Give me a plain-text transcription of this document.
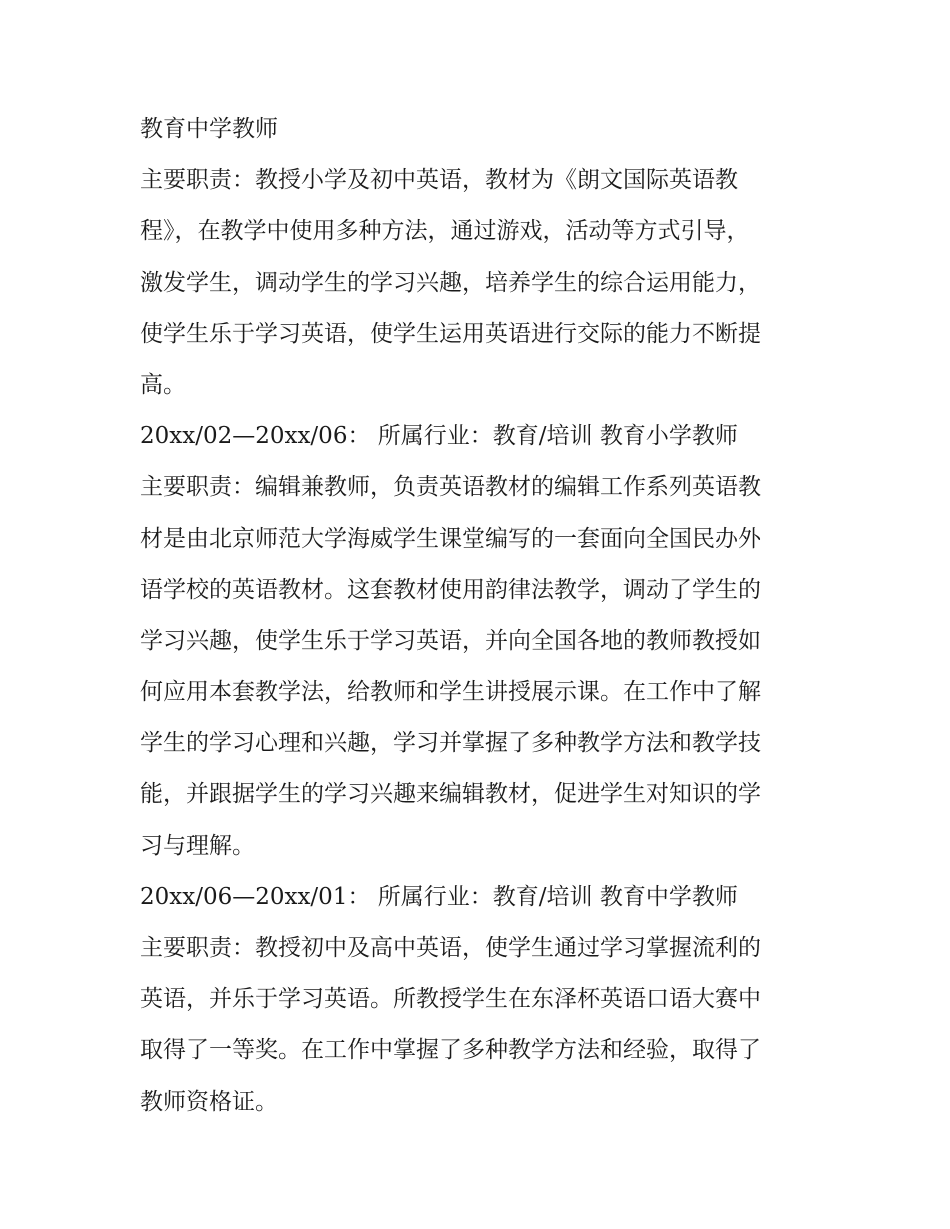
教育中学教师
主要职责：教授小学及初中英语，教材为《朗文国际英语教
程》，在教学中使用多种方法，通过游戏，活动等方式引导，
激发学生，调动学生的学习兴趣，培养学生的综合运用能力，
使学生乐于学习英语，使学生运用英语进行交际的能力不断提
高。
20xx/02—20xx/06： 所属行业：教育/培训 教育小学教师
主要职责：编辑兼教师，负责英语教材的编辑工作系列英语教
材是由北京师范大学海威学生课堂编写的一套面向全国民办外
语学校的英语教材。这套教材使用韵律法教学，调动了学生的
学习兴趣，使学生乐于学习英语，并向全国各地的教师教授如
何应用本套教学法，给教师和学生讲授展示课。在工作中了解
学生的学习心理和兴趣，学习并掌握了多种教学方法和教学技
能，并跟据学生的学习兴趣来编辑教材，促进学生对知识的学
习与理解。
20xx/06—20xx/01： 所属行业：教育/培训 教育中学教师
主要职责：教授初中及高中英语，使学生通过学习掌握流利的
英语，并乐于学习英语。所教授学生在东泽杯英语口语大赛中
取得了一等奖。在工作中掌握了多种教学方法和经验，取得了
教师资格证。
